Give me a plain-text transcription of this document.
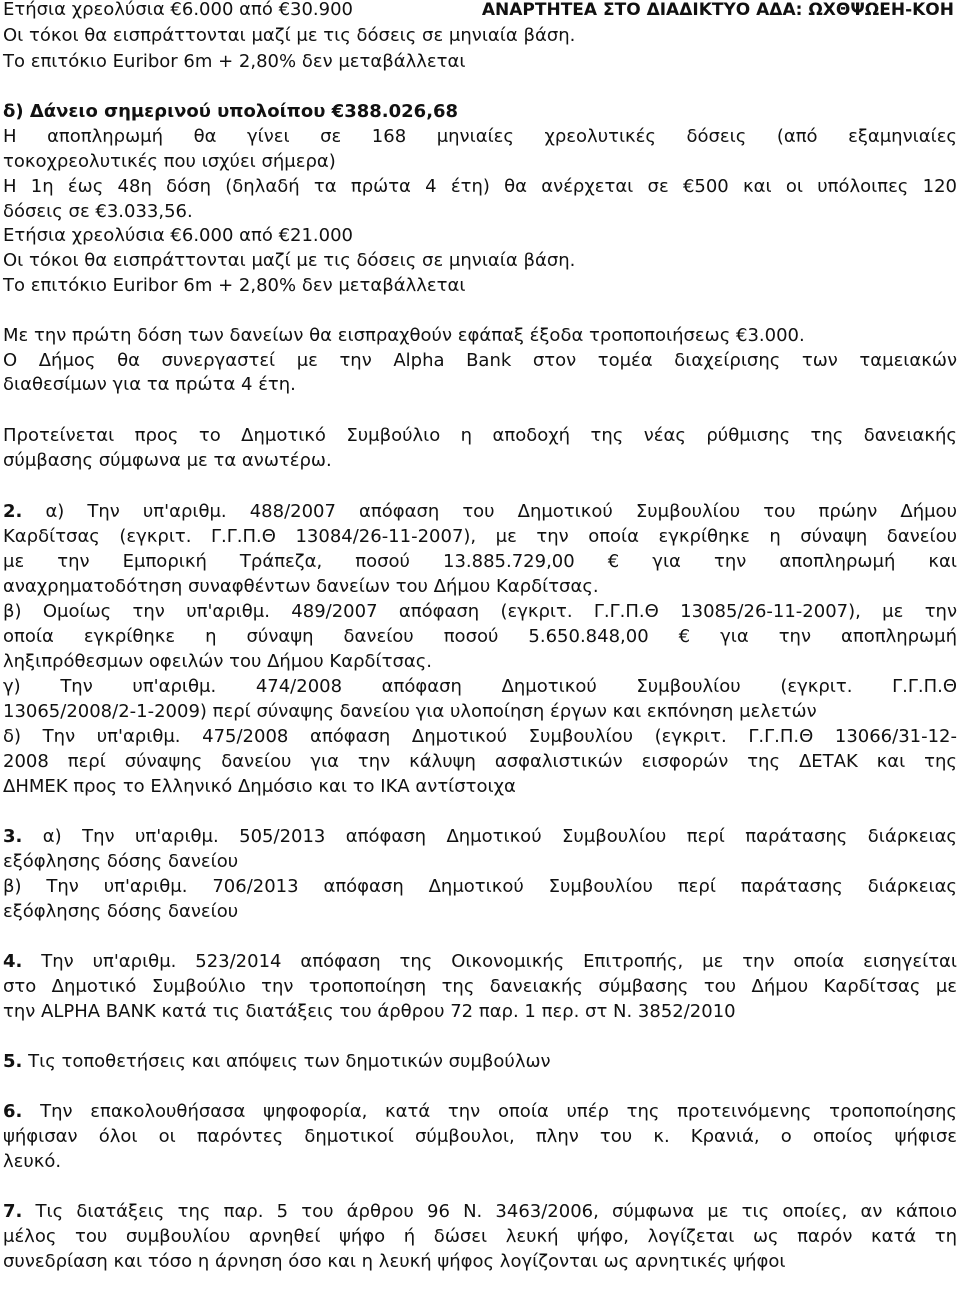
ΑΝΑΡΤΗΤΕΑ ΣΤΟ ΔΙΑΔΙΚΤΥΟ ΑΔΑ: ΩΧΘΨΩΕΗ-ΚΟΗ
Ετήσια χρεολύσια €6.000 από €30.900
Οι τόκοι θα εισπράττονται μαζί με τις δόσεις σε μηνιαία βάση.
Το επιτόκιο Euribor 6m + 2,80% δεν μεταβάλλεται
δ) Δάνειο σημερινού υπολοίπου €388.026,68
Η αποπληρωμή θα γίνει σε 168 μηνιαίες χρεολυτικές δόσεις (από εξαμηνιαίες
τοκοχρεολυτικές που ισχύει σήμερα)
Η 1η έως 48η δόση (δηλαδή τα πρώτα 4 έτη) θα ανέρχεται σε €500 και οι υπόλοιπες 120
δόσεις σε €3.033,56.
Ετήσια χρεολύσια €6.000 από €21.000
Οι τόκοι θα εισπράττονται μαζί με τις δόσεις σε μηνιαία βάση.
Το επιτόκιο Euribor 6m + 2,80% δεν μεταβάλλεται
Με την πρώτη δόση των δανείων θα εισπραχθούν εφάπαξ έξοδα τροποποιήσεως €3.000.
Ο Δήμος θα συνεργαστεί με την Alpha Bank στον τομέα διαχείρισης των ταμειακών
διαθεσίμων για τα πρώτα 4 έτη.
Προτείνεται προς το Δημοτικό Συμβούλιο η αποδοχή της νέας ρύθμισης της δανειακής
σύμβασης σύμφωνα με τα ανωτέρω.
2. α) Την υπ'αριθμ. 488/2007 απόφαση του Δημοτικού Συμβουλίου του πρώην Δήμου
Καρδίτσας (εγκριτ. Γ.Γ.Π.Θ 13084/26-11-2007), με την οποία εγκρίθηκε η σύναψη δανείου
με την Εμπορική Τράπεζα, ποσού 13.885.729,00 € για την αποπληρωμή και
αναχρηματοδότηση συναφθέντων δανείων του Δήμου Καρδίτσας.
β) Ομοίως την υπ'αριθμ. 489/2007 απόφαση (εγκριτ. Γ.Γ.Π.Θ 13085/26-11-2007), με την
οποία εγκρίθηκε η σύναψη δανείου ποσού 5.650.848,00 € για την αποπληρωμή
ληξιπρόθεσμων οφειλών του Δήμου Καρδίτσας.
γ) Την υπ'αριθμ. 474/2008 απόφαση Δημοτικού Συμβουλίου (εγκριτ. Γ.Γ.Π.Θ
13065/2008/2-1-2009) περί σύναψης δανείου για υλοποίηση έργων και εκπόνηση μελετών
δ) Την υπ'αριθμ. 475/2008 απόφαση Δημοτικού Συμβουλίου (εγκριτ. Γ.Γ.Π.Θ 13066/31-12-
2008 περί σύναψης δανείου για την κάλυψη ασφαλιστικών εισφορών της ΔΕΤΑΚ και της
ΔΗΜΕΚ προς το Ελληνικό Δημόσιο και το ΙΚΑ αντίστοιχα
3. α) Την υπ'αριθμ. 505/2013 απόφαση Δημοτικού Συμβουλίου περί παράτασης διάρκειας
εξόφλησης δόσης δανείου
β) Την υπ'αριθμ. 706/2013 απόφαση Δημοτικού Συμβουλίου περί παράτασης διάρκειας
εξόφλησης δόσης δανείου
4. Την υπ'αριθμ. 523/2014 απόφαση της Οικονομικής Επιτροπής, με την οποία εισηγείται
στο Δημοτικό Συμβούλιο την τροποποίηση της δανειακής σύμβασης του Δήμου Καρδίτσας με
την ALPHA BANK κατά τις διατάξεις του άρθρου 72 παρ. 1 περ. στ Ν. 3852/2010
5. Τις τοποθετήσεις και απόψεις των δημοτικών συμβούλων
6. Την επακολουθήσασα ψηφοφορία, κατά την οποία υπέρ της προτεινόμενης τροποποίησης
ψήφισαν όλοι οι παρόντες δημοτικοί σύμβουλοι, πλην του κ. Κρανιά, ο οποίος ψήφισε
λευκό.
7. Τις διατάξεις της παρ. 5 του άρθρου 96 Ν. 3463/2006, σύμφωνα με τις οποίες, αν κάποιο
μέλος του συμβουλίου αρνηθεί ψήφο ή δώσει λευκή ψήφο, λογίζεται ως παρόν κατά τη
συνεδρίαση και τόσο η άρνηση όσο και η λευκή ψήφος λογίζονται ως αρνητικές ψήφοι
